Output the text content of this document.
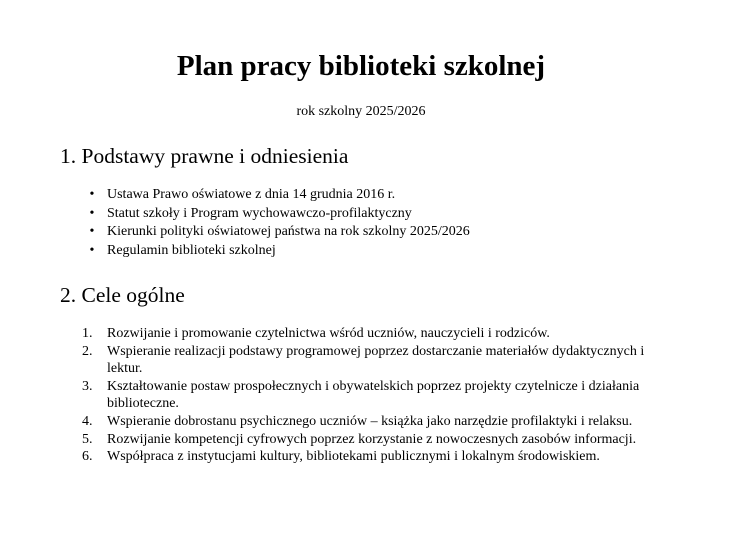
Plan pracy biblioteki szkolnej

rok szkolny 2025/2026

1. Podstawy prawne i odniesienia
• Ustawa Prawo oświatowe z dnia 14 grudnia 2016 r.
• Statut szkoły i Program wychowawczo-profilaktyczny
• Kierunki polityki oświatowej państwa na rok szkolny 2025/2026
• Regulamin biblioteki szkolnej
2. Cele ogólne
1.	Rozwijanie i promowanie czytelnictwa wśród uczniów, nauczycieli i rodziców.
2.	Wspieranie realizacji podstawy programowej poprzez dostarczanie materiałów dydaktycznych i lektur.
3.	Kształtowanie postaw prospołecznych i obywatelskich poprzez projekty czytelnicze i działania biblioteczne.
4.	Wspieranie dobrostanu psychicznego uczniów – książka jako narzędzie profilaktyki i relaksu.
5.	Rozwijanie kompetencji cyfrowych poprzez korzystanie z nowoczesnych zasobów informacji.
6.	Współpraca z instytucjami kultury, bibliotekami publicznymi i lokalnym środowiskiem.
